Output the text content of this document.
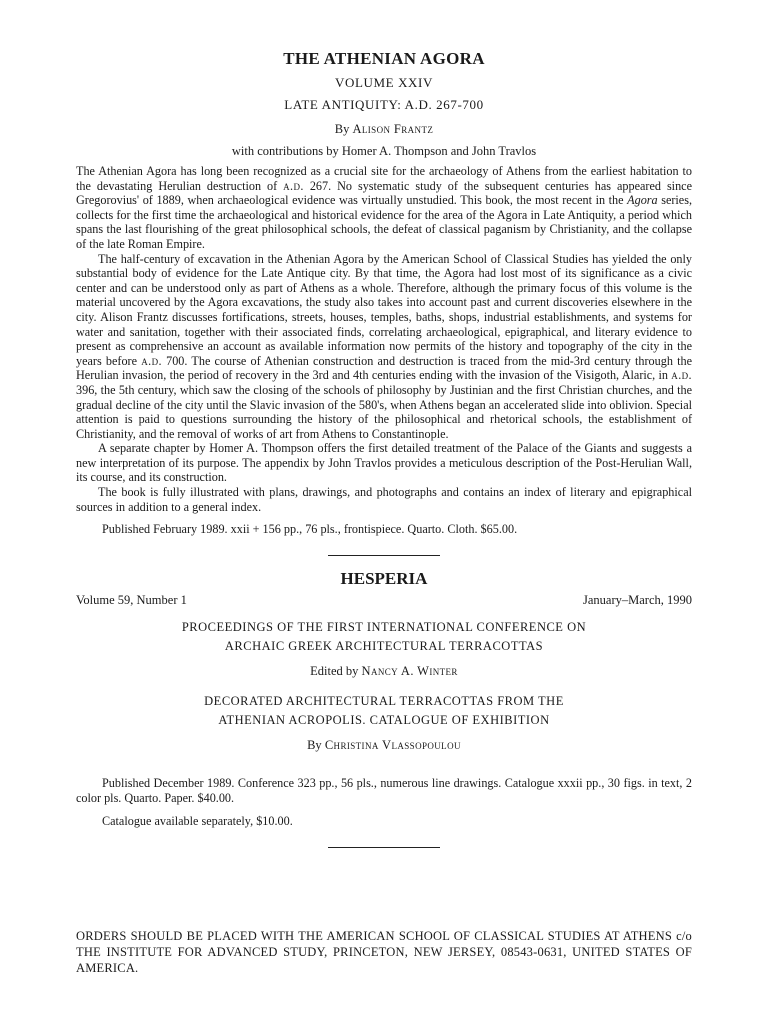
THE ATHENIAN AGORA
VOLUME XXIV
LATE ANTIQUITY: A.D. 267-700
By Alison Frantz
with contributions by Homer A. Thompson and John Travlos

The Athenian Agora has long been recognized as a crucial site for the archaeology of Athens from the earliest habitation to the devastating Herulian destruction of a.d. 267. No systematic study of the subsequent centuries has appeared since Gregorovius' of 1889, when archaeological evidence was virtually unstudied. This book, the most recent in the Agora series, collects for the first time the archaeological and historical evidence for the area of the Agora in Late Antiquity, a period which spans the last flourishing of the great philosophical schools, the defeat of classical paganism by Christianity, and the collapse of the late Roman Empire.

The half-century of excavation in the Athenian Agora by the American School of Classical Studies has yielded the only substantial body of evidence for the Late Antique city. By that time, the Agora had lost most of its significance as a civic center and can be understood only as part of Athens as a whole. Therefore, although the primary focus of this volume is the material uncovered by the Agora excavations, the study also takes into account past and current discoveries elsewhere in the city. Alison Frantz discusses fortifications, streets, houses, temples, baths, shops, industrial establishments, and systems for water and sanitation, together with their associated finds, correlating archaeological, epigraphical, and literary evidence to present as comprehensive an account as available information now permits of the history and topography of the city in the years before a.d. 700. The course of Athenian construction and destruction is traced from the mid-3rd century through the Herulian invasion, the period of recovery in the 3rd and 4th centuries ending with the invasion of the Visigoth, Alaric, in a.d. 396, the 5th century, which saw the closing of the schools of philosophy by Justinian and the first Christian churches, and the gradual decline of the city until the Slavic invasion of the 580's, when Athens began an accelerated slide into oblivion. Special attention is paid to questions surrounding the history of the philosophical and rhetorical schools, the establishment of Christianity, and the removal of works of art from Athens to Constantinople.

A separate chapter by Homer A. Thompson offers the first detailed treatment of the Palace of the Giants and suggests a new interpretation of its purpose. The appendix by John Travlos provides a meticulous description of the Post-Herulian Wall, its course, and its construction.

The book is fully illustrated with plans, drawings, and photographs and contains an index of literary and epigraphical sources in addition to a general index.

Published February 1989. xxii + 156 pp., 76 pls., frontispiece. Quarto. Cloth. $65.00.
HESPERIA
Volume 59, Number 1	January–March, 1990
PROCEEDINGS OF THE FIRST INTERNATIONAL CONFERENCE ON
ARCHAIC GREEK ARCHITECTURAL TERRACOTTAS
Edited by Nancy A. Winter
DECORATED ARCHITECTURAL TERRACOTTAS FROM THE
ATHENIAN ACROPOLIS. CATALOGUE OF EXHIBITION
By Christina Vlassopoulou
Published December 1989. Conference 323 pp., 56 pls., numerous line drawings. Catalogue xxxii pp., 30 figs. in text, 2 color pls. Quarto. Paper. $40.00.
Catalogue available separately, $10.00.
ORDERS SHOULD BE PLACED WITH THE AMERICAN SCHOOL OF CLASSICAL STUDIES AT ATHENS c/o THE INSTITUTE FOR ADVANCED STUDY, PRINCETON, NEW JERSEY, 08543-0631, UNITED STATES OF AMERICA.
